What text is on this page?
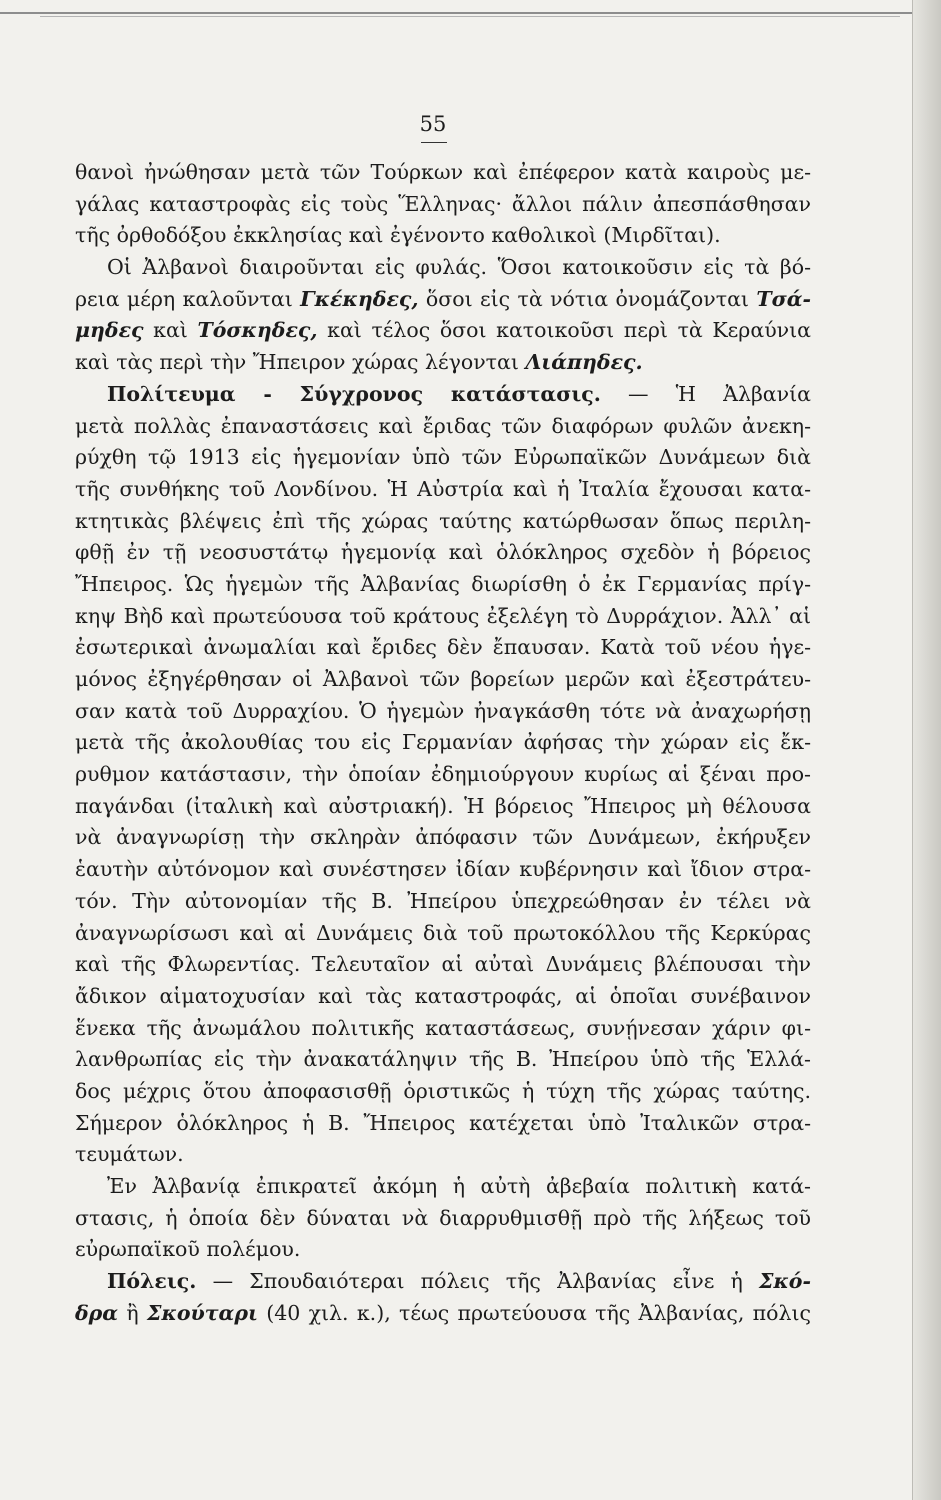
55
θανοὶ ἠνώθησαν μετὰ τῶν Τούρκων καὶ ἐπέφερον κατὰ καιροὺς με-
γάλας καταστροφὰς εἰς τοὺς Ἕλληνας· ἄλλοι πάλιν ἀπεσπάσθησαν
τῆς ὀρθοδόξου ἐκκλησίας καὶ ἐγένοντο καθολικοὶ (Μιρδῖται).
Οἱ Ἀλβανοὶ διαιροῦνται εἰς φυλάς. Ὅσοι κατοικοῦσιν εἰς τὰ βό-
ρεια μέρη καλοῦνται Γκέκηδες, ὅσοι εἰς τὰ νότια ὀνομάζονται Τσά-
μηδες καὶ Τόσκηδες, καὶ τέλος ὅσοι κατοικοῦσι περὶ τὰ Κεραύνια
καὶ τὰς περὶ τὴν Ἤπειρον χώρας λέγονται Λιάπηδες.
Πολίτευμα - Σύγχρονος κατάστασις. — Ἡ Ἀλβανία
μετὰ πολλὰς ἐπαναστάσεις καὶ ἔριδας τῶν διαφόρων φυλῶν ἀνεκη-
ρύχθη τῷ 1913 εἰς ἡγεμονίαν ὑπὸ τῶν Εὐρωπαϊκῶν Δυνάμεων διὰ
τῆς συνθήκης τοῦ Λονδίνου. Ἡ Αὐστρία καὶ ἡ Ἰταλία ἔχουσαι κατα-
κτητικὰς βλέψεις ἐπὶ τῆς χώρας ταύτης κατώρθωσαν ὅπως περιλη-
φθῇ ἐν τῇ νεοσυστάτῳ ἡγεμονίᾳ καὶ ὁλόκληρος σχεδὸν ἡ βόρειος
Ἤπειρος. Ὡς ἡγεμὼν τῆς Ἀλβανίας διωρίσθη ὁ ἐκ Γερμανίας πρίγ-
κηψ Βὴδ καὶ πρωτεύουσα τοῦ κράτους ἐξελέγη τὸ Δυρράχιον. Ἀλλ᾽ αἱ
ἐσωτερικαὶ ἀνωμαλίαι καὶ ἔριδες δὲν ἔπαυσαν. Κατὰ τοῦ νέου ἡγε-
μόνος ἐξηγέρθησαν οἱ Ἀλβανοὶ τῶν βορείων μερῶν καὶ ἐξεστράτευ-
σαν κατὰ τοῦ Δυρραχίου. Ὁ ἡγεμὼν ἠναγκάσθη τότε νὰ ἀναχωρήσῃ
μετὰ τῆς ἀκολουθίας του εἰς Γερμανίαν ἀφήσας τὴν χώραν εἰς ἔκ-
ρυθμον κατάστασιν, τὴν ὁποίαν ἐδημιούργουν κυρίως αἱ ξέναι προ-
παγάνδαι (ἰταλικὴ καὶ αὐστριακή). Ἡ βόρειος Ἤπειρος μὴ θέλουσα
νὰ ἀναγνωρίσῃ τὴν σκληρὰν ἀπόφασιν τῶν Δυνάμεων, ἐκήρυξεν
ἑαυτὴν αὐτόνομον καὶ συνέστησεν ἰδίαν κυβέρνησιν καὶ ἴδιον στρα-
τόν. Τὴν αὐτονομίαν τῆς Β. Ἠπείρου ὑπεχρεώθησαν ἐν τέλει νὰ
ἀναγνωρίσωσι καὶ αἱ Δυνάμεις διὰ τοῦ πρωτοκόλλου τῆς Κερκύρας
καὶ τῆς Φλωρεντίας. Τελευταῖον αἱ αὐταὶ Δυνάμεις βλέπουσαι τὴν
ἄδικον αἱματοχυσίαν καὶ τὰς καταστροφάς, αἱ ὁποῖαι συνέβαινον
ἕνεκα τῆς ἀνωμάλου πολιτικῆς καταστάσεως, συνῄνεσαν χάριν φι-
λανθρωπίας εἰς τὴν ἀνακατάληψιν τῆς Β. Ἠπείρου ὑπὸ τῆς Ἑλλά-
δος μέχρις ὅτου ἀποφασισθῇ ὁριστικῶς ἡ τύχη τῆς χώρας ταύτης.
Σήμερον ὁλόκληρος ἡ Β. Ἤπειρος κατέχεται ὑπὸ Ἰταλικῶν στρα-
τευμάτων.
Ἐν Ἀλβανίᾳ ἐπικρατεῖ ἀκόμη ἡ αὐτὴ ἀβεβαία πολιτικὴ κατά-
στασις, ἡ ὁποία δὲν δύναται νὰ διαρρυθμισθῇ πρὸ τῆς λήξεως τοῦ
εὐρωπαϊκοῦ πολέμου.
Πόλεις. — Σπουδαιότεραι πόλεις τῆς Ἀλβανίας εἶνε ἡ Σκό-
δρα ἢ Σκούταρι (40 χιλ. κ.), τέως πρωτεύουσα τῆς Ἀλβανίας, πόλις
